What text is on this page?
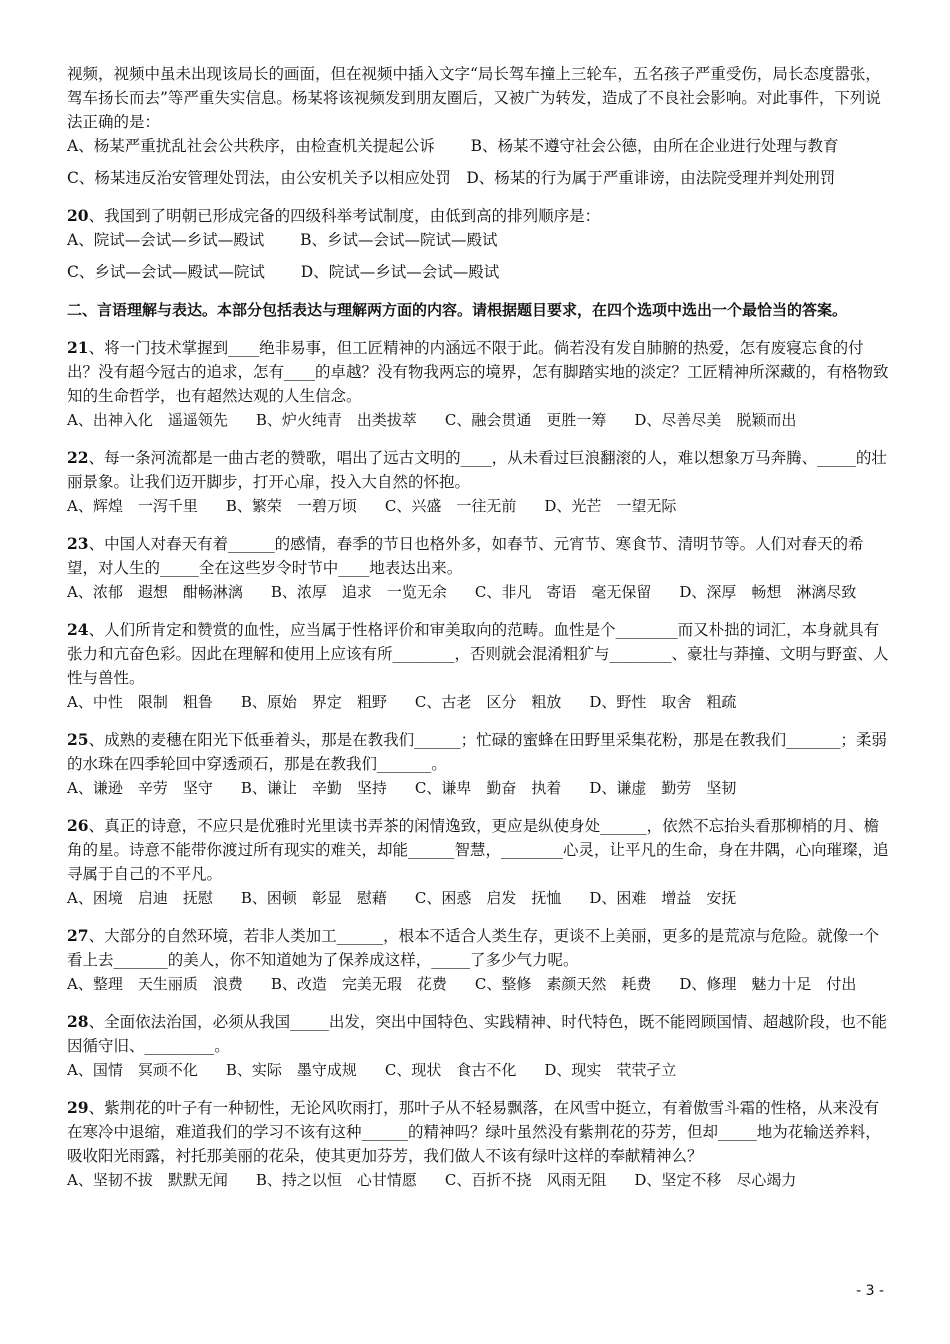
视频，视频中虽未出现该局长的画面，但在视频中插入文字“局长驾车撞上三轮车，五名孩子严重受伤，局长态度嚣张，驾车扬长而去”等严重失实信息。杨某将该视频发到朋友圈后，又被广为转发，造成了不良社会影响。对此事件，下列说法正确的是：

A、杨某严重扰乱社会公共秩序，由检查机关提起公诉　　 B、杨某不遵守社会公德，由所在企业进行处理与教育

C、杨某违反治安管理处罚法，由公安机关予以相应处罚　D、杨某的行为属于严重诽谤，由法院受理并判处刑罚

20、我国到了明朝已形成完备的四级科举考试制度，由低到高的排列顺序是：

A、院试—会试—乡试—殿试　　 B、乡试—会试—院试—殿试

C、乡试—会试—殿试—院试　　 D、院试—乡试—会试—殿试

二、言语理解与表达。本部分包括表达与理解两方面的内容。请根据题目要求，在四个选项中选出一个最恰当的答案。

21、将一门技术掌握到____绝非易事，但工匠精神的内涵远不限于此。倘若没有发自肺腑的热爱，怎有废寝忘食的付出？没有超今冠古的追求，怎有____的卓越？没有物我两忘的境界，怎有脚踏实地的淡定？工匠精神所深藏的，有格物致知的生命哲学，也有超然达观的人生信念。

A、出神入化　遥遥领先 B、炉火纯青　出类拔萃 C、融会贯通　更胜一筹 D、尽善尽美　脱颖而出

22、每一条河流都是一曲古老的赞歌，唱出了远古文明的____，从未看过巨浪翻滚的人，难以想象万马奔腾、_____的壮丽景象。让我们迈开脚步，打开心扉，投入大自然的怀抱。

A、辉煌　一泻千里 B、繁荣　一碧万顷 C、兴盛　一往无前 D、光芒　一望无际

23、中国人对春天有着______的感情，春季的节日也格外多，如春节、元宵节、寒食节、清明节等。人们对春天的希望，对人生的_____全在这些岁令时节中____地表达出来。

A、浓郁　遐想　酣畅淋漓 B、浓厚　追求　一览无余 C、非凡　寄语　毫无保留 D、深厚　畅想　淋漓尽致

24、人们所肯定和赞赏的血性，应当属于性格评价和审美取向的范畴。血性是个________而又朴拙的词汇，本身就具有张力和亢奋色彩。因此在理解和使用上应该有所________，否则就会混淆粗犷与________、豪壮与莽撞、文明与野蛮、人性与兽性。

A、中性　限制　粗鲁 B、原始　界定　粗野 C、古老　区分　粗放 D、野性　取舍　粗疏

25、成熟的麦穗在阳光下低垂着头，那是在教我们______；忙碌的蜜蜂在田野里采集花粉，那是在教我们_______；柔弱的水珠在四季轮回中穿透顽石，那是在教我们_______。

A、谦逊　辛劳　坚守 B、谦让　辛勤　坚持 C、谦卑　勤奋　执着 D、谦虚　勤劳　坚韧

26、真正的诗意，不应只是优雅时光里读书弄茶的闲情逸致，更应是纵使身处______，依然不忘抬头看那柳梢的月、檐角的星。诗意不能带你渡过所有现实的难关，却能______智慧，________心灵，让平凡的生命，身在井隅，心向璀璨，追寻属于自己的不平凡。

A、困境　启迪　抚慰 B、困顿　彰显　慰藉 C、困惑　启发　抚恤 D、困难　增益　安抚

27、大部分的自然环境，若非人类加工______，根本不适合人类生存，更谈不上美丽，更多的是荒凉与危险。就像一个看上去_______的美人，你不知道她为了保养成这样，_____了多少气力呢。

A、整理　天生丽质　浪费 B、改造　完美无瑕　花费 C、整修　素颜天然　耗费 D、修理　魅力十足　付出

28、全面依法治国，必须从我国_____出发，突出中国特色、实践精神、时代特色，既不能罔顾国情、超越阶段，也不能因循守旧、_________。

A、国情　冥顽不化 B、实际　墨守成规 C、现状　食古不化 D、现实　茕茕孑立

29、紫荆花的叶子有一种韧性，无论风吹雨打，那叶子从不轻易飘落，在风雪中挺立，有着傲雪斗霜的性格，从来没有在寒冷中退缩，难道我们的学习不该有这种______的精神吗？绿叶虽然没有紫荆花的芬芳，但却_____地为花输送养料，吸收阳光雨露，衬托那美丽的花朵，使其更加芬芳，我们做人不该有绿叶这样的奉献精神么？

A、坚韧不拔　默默无闻 B、持之以恒　心甘情愿 C、百折不挠　风雨无阻 D、坚定不移　尽心竭力
- 3 -
